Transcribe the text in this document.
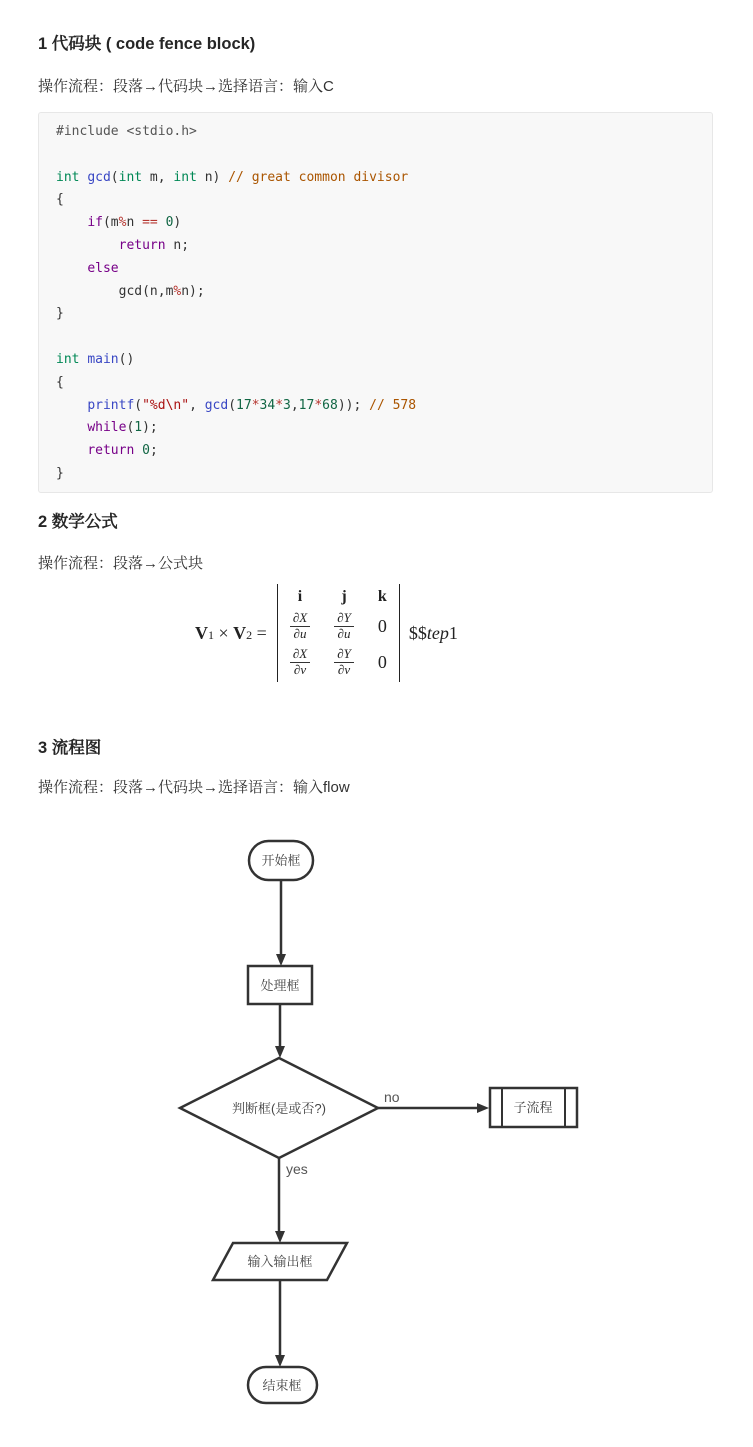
1 代码块 ( code fence block)
操作流程：段落→代码块→选择语言：输入C
#include <stdio.h>

int gcd(int m, int n) // great common divisor
{
if(m%n == 0)
return n;
else
gcd(n,m%n);
}

int main()
{
printf("%d\n", gcd(17*34*3,17*68)); // 578
while(1);
return 0;
}
2 数学公式
操作流程：段落→公式块
V 1 × V 2 =
i j k
$\frac{\partial X}{\partial u} \frac{\partial Y}{\partial u} 0$
$\frac{\partial X}{\partial v} \frac{\partial Y}{\partial v} 0$
$$tep1
3 流程图
操作流程：段落→代码块→选择语言：输入flow
开始框
处理框
判断框(是或否?)
no
子流程
yes
输入输出框
结束框
